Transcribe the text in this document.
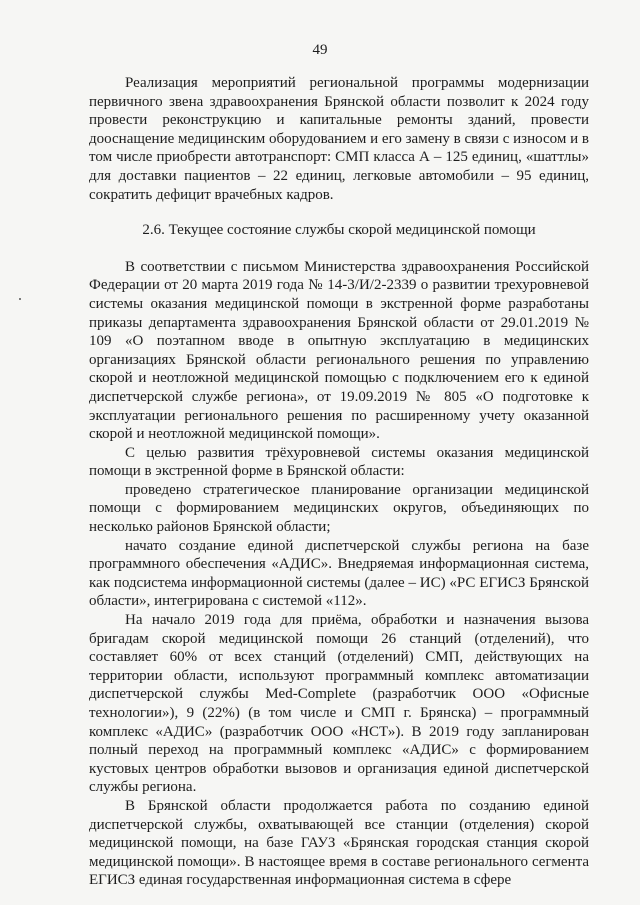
49

Реализация мероприятий региональной программы модернизации первичного звена здравоохранения Брянской области позволит к 2024 году провести реконструкцию и капитальные ремонты зданий, провести дооснащение медицинским оборудованием и его замену в связи с износом и в том числе приобрести автотранспорт: СМП класса А – 125 единиц, «шаттлы» для доставки пациентов – 22 единиц, легковые автомобили – 95 единиц, сократить дефицит врачебных кадров.

2.6. Текущее состояние службы скорой медицинской помощи

В соответствии с письмом Министерства здравоохранения Российской Федерации от 20 марта 2019 года № 14-3/И/2-2339 о развитии трехуровневой системы оказания медицинской помощи в экстренной форме разработаны приказы департамента здравоохранения Брянской области от 29.01.2019 № 109 «О поэтапном вводе в опытную эксплуатацию в медицинских организациях Брянской области регионального решения по управлению скорой и неотложной медицинской помощью с подключением его к единой диспетчерской службе региона», от 19.09.2019 № 805 «О подготовке к эксплуатации регионального решения по расширенному учету оказанной скорой и неотложной медицинской помощи».

С целью развития трёхуровневой системы оказания медицинской помощи в экстренной форме в Брянской области:

проведено стратегическое планирование организации медицинской помощи с формированием медицинских округов, объединяющих по несколько районов Брянской области;

начато создание единой диспетчерской службы региона на базе программного обеспечения «АДИС». Внедряемая информационная система, как подсистема информационной системы (далее – ИС) «РС ЕГИСЗ Брянской области», интегрирована с системой «112».

На начало 2019 года для приёма, обработки и назначения вызова бригадам скорой медицинской помощи 26 станций (отделений), что составляет 60% от всех станций (отделений) СМП, действующих на территории области, используют программный комплекс автоматизации диспетчерской службы Med-Complete (разработчик ООО «Офисные технологии»), 9 (22%) (в том числе и СМП г. Брянска) – программный комплекс «АДИС» (разработчик ООО «НСТ»). В 2019 году запланирован полный переход на программный комплекс «АДИС» с формированием кустовых центров обработки вызовов и организация единой диспетчерской службы региона.

В Брянской области продолжается работа по созданию единой диспетчерской службы, охватывающей все станции (отделения) скорой медицинской помощи, на базе ГАУЗ «Брянская городская станция скорой медицинской помощи». В настоящее время в составе регионального сегмента ЕГИСЗ единая государственная информационная система в сфере
